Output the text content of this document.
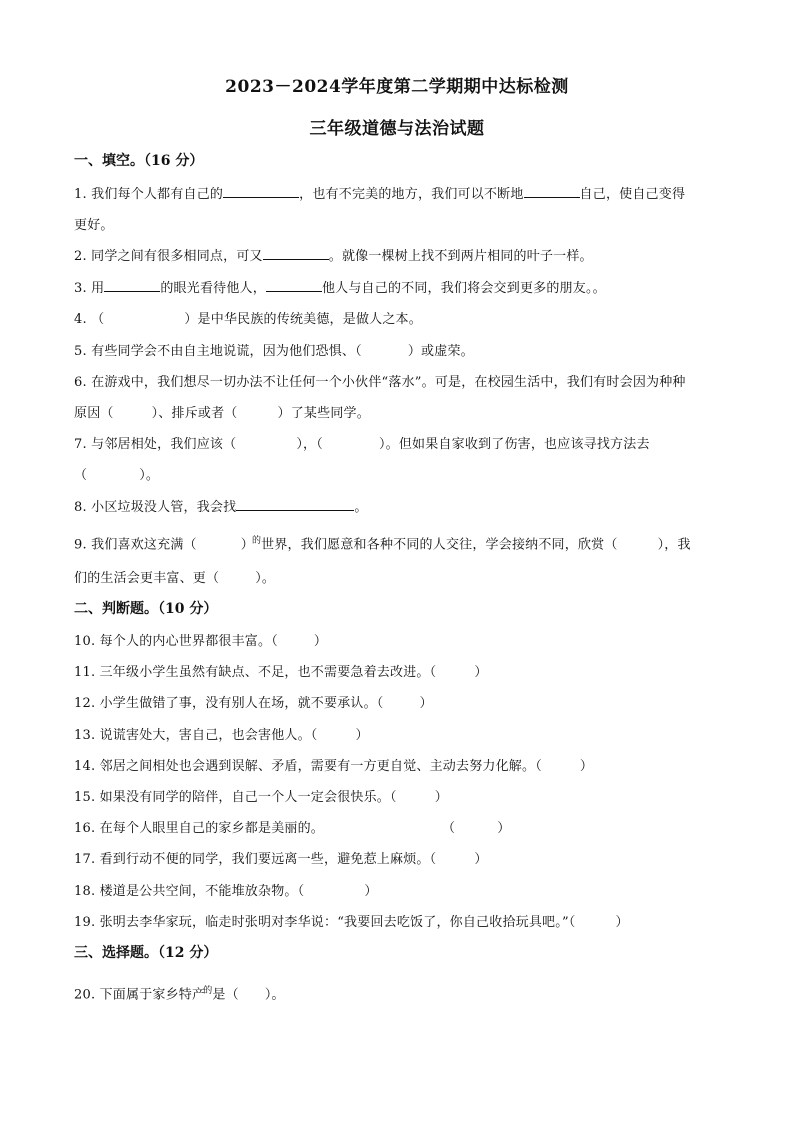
2023－2024学年度第二学期期中达标检测
三年级道德与法治试题
一、填空。（16 分）
1. 我们每个人都有自己的	，也有不完美的地方，我们可以不断地	自己，使自己变得
更好。
2. 同学之间有很多相同点，可又	。就像一棵树上找不到两片相同的叶子一样。
3. 用	的眼光看待他人，	他人与自己的不同，我们将会交到更多的朋友。。
4. （	）是中华民族的传统美德，是做人之本。
5. 有些同学会不由自主地说谎，因为他们恐惧、（	）或虚荣。
6. 在游戏中，我们想尽一切办法不让任何一个小伙伴“落水”。可是，在校园生活中，我们有时会因为种种
原因（	）、排斥或者（	）了某些同学。
7. 与邻居相处，我们应该（	），（	）。但如果自家收到了伤害，也应该寻找方法去
（	）。
8. 小区垃圾没人管，我会找	。
9. 我们喜欢这充满（	）$^的$世界，我们愿意和各种不同的人交往，学会接纳不同，欣赏（	），我
们的生活会更丰富、更（	）。
二、判断题。（10 分）
10. 每个人的内心世界都很丰富。（	）
11. 三年级小学生虽然有缺点、不足，也不需要急着去改进。（	）
12. 小学生做错了事，没有别人在场，就不要承认。（	）
13. 说谎害处大，害自己，也会害他人。（	）
14. 邻居之间相处也会遇到误解、矛盾，需要有一方更自觉、主动去努力化解。（	）
15. 如果没有同学的陪伴，自己一个人一定会很快乐。（	）
16. 在每个人眼里自己的家乡都是美丽的。	（	）
17. 看到行动不便的同学，我们要远离一些，避免惹上麻烦。（	）
18. 楼道是公共空间，不能堆放杂物。（	）
19. 张明去李华家玩，临走时张明对李华说：“我要回去吃饭了，你自己收拾玩具吧。”（	）
三、选择题。（12 分）
20. 下面属于家乡特产$^的$是（ ）。
